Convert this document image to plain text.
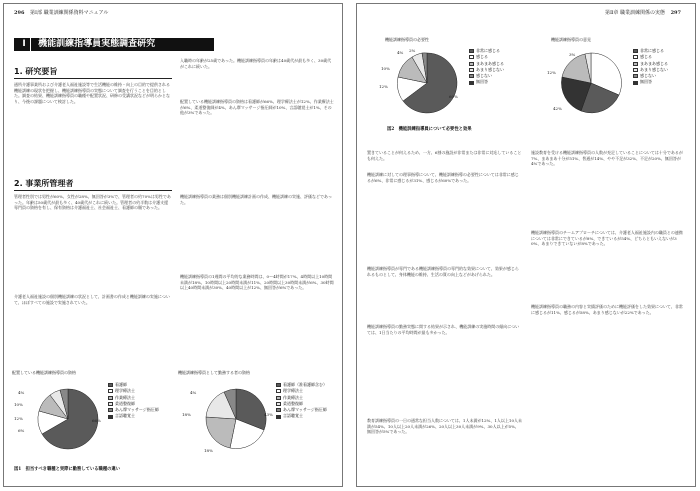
296 第Ⅰ部 職業訓練関係資料マニュアル
Ⅰ 機能訓練指導員実態調査研究
1. 研究要旨
通所介護事業所および介護老人福祉施設等で生活機能の維持・向上の目的で提供される機能訓練の現状を把握し、機能訓練指導員の実態について調査を行うことを目的とした。調査の結果、機能訓練指導員の職種や配置状況、研修の受講状況などが明らかとなり、今後の課題について検討した。
2. 事業所管理者
管理者性別では男性が60%、女性が28%、無回答が3%で、管理者の約70%は男性であった。年齢は50歳代が最も多く、40歳代がこれに続いた。管理者の約半数は介護支援専門員の資格を有し、保有資格は介護福祉士、社会福祉士、看護師の順であった。
介護老人福祉施設の個別機能訓練の状況として、計画書の作成と機能訓練の実施について、ほぼすべての施設で実施されていた。
入職時の年齢が25歳であった。機能訓練指導員の年齢は40歳代が最も多く、30歳代がこれに続いた。
配置している機能訓練指導員の資格は看護師が66%、理学療法士が12%、作業療法士が6%、柔道整復師が4%、あん摩マッサージ指圧師が10%、言語聴覚士が1%、その他が3%であった。
機能訓練指導員の業務は個別機能訓練計画の作成、機能訓練の実施、評価などであった。
機能訓練指導員の1週間の平均的な業務時間は、0〜4時間が17%、4時間以上10時間未満が18%、10時間以上20時間未満が11%、20時間以上30時間未満が6%、30時間以上40時間未満が30%、40時間以上が12%、無回答が6%であった。
配置している機能訓練指導員の資格
4%
10%
12%
6%
66%
看護師
理学療法士
作業療法士
柔道整復師
あん摩マッサージ指圧師
言語聴覚士
機能訓練指導員として勤務する者の資格
4%
18%
18%
43%
看護師（准看護師含む）
理学療法士
作業療法士
柔道整復師
あん摩マッサージ指圧師
言語聴覚士
図1　担当すべき職種と実際に勤務している職種の違い
第Ⅱ章 職業訓練関係の実態 297
機能訓練指導員の必要性
4% 2%
10%
12%
60%
非常に感じる
感じる
まあまあ感じる
あまり感じない
感じない
無回答
機能訓練指導員の意見
3%
12%
42%
非常に感じる
感じる
まあまあ感じる
あまり感じない
感じない
無回答
図2　機能訓練指導員について必要性と効果
置きていることが何えるため、一方、6割の施設が非常または非常に対応していることも何えた。
機能訓練に対しての理事指導について、機能訓練指導の必要性については非常に感じるが6%、非常に感じるが31%、感じるが60%であった。
機能訓練指導員が専門である機能訓練指導員の専門的な効果について、効果が感じられるものとして、身体機能の維持、生活の質の向上などがあげられた。
機能訓練指導員の勤務実態に関する結果が示され、機能訓練の実施時間の傾向については、1日当たりの平均時間が最も多かった。
教育訓練指導員の一日の通常な担当人数については、1人未満が12%、1人以上10人未満が54%、10人以上20人未満が26%、20人以上30人未満が9%、30人以上が5%、無回答が5%であった。
施設教育を受ける機能訓練指導員の人数が充足していることについては十分であるが7%、まあまあ十分が51%、普通が14%、やや不足が32%、不足が20%、無回答が4%であった。
機能訓練指導員のチームアプローチについては、介護老人福祉施設内の職員との連携については非常にできているが8%、できているが54%、どちらともいえないが30%、あまりできていないが8%であった。
機能訓練指導員の職務の内容と実績評価のために機能評価をした効果について、非常に感じるが11%、感じるが58%、あまり感じないが22%であった。
